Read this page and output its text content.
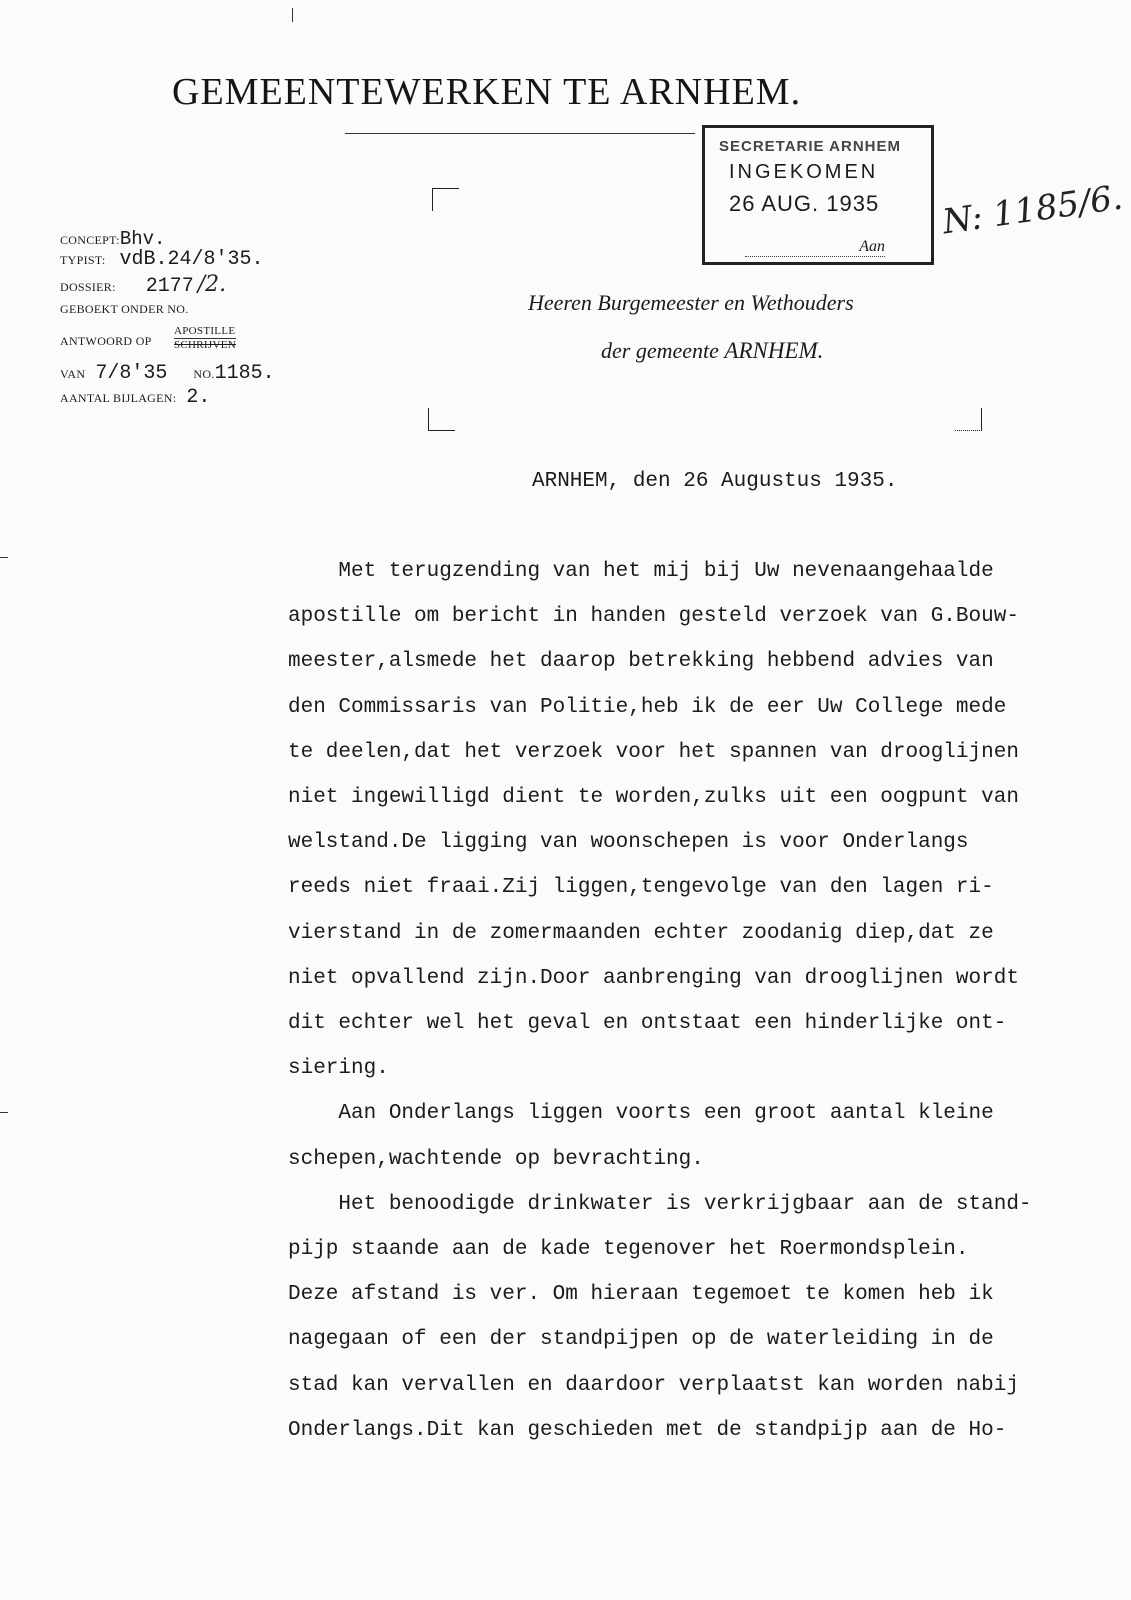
GEMEENTEWERKEN TE ARNHEM.
SECRETARIE ARNHEM
INGEKOMEN
26 AUG. 1935
Aan
N: 1185/6.
CONCEPT:Bhv.
TYPIST: vdB.24/8'35.
DOSSIER: 2177 /2.
GEBOEKT ONDER NO.
ANTWOORD OP
APOSTILLE
SCHRIJVEN
VAN 7/8'35 NO.1185.
AANTAL BIJLAGEN: 2.
Heeren Burgemeester en Wethouders
der gemeente ARNHEM.
ARNHEM, den 26 Augustus 1935.
Met terugzending van het mij bij Uw nevenaangehaalde
apostille om bericht in handen gesteld verzoek van G.Bouw-
meester,alsmede het daarop betrekking hebbend advies van
den Commissaris van Politie,heb ik de eer Uw College mede
te deelen,dat het verzoek voor het spannen van drooglijnen
niet ingewilligd dient te worden,zulks uit een oogpunt van
welstand.De ligging van woonschepen is voor Onderlangs
reeds niet fraai.Zij liggen,tengevolge van den lagen ri-
vierstand in de zomermaanden echter zoodanig diep,dat ze
niet opvallend zijn.Door aanbrenging van drooglijnen wordt
dit echter wel het geval en ontstaat een hinderlijke ont-
siering.
Aan Onderlangs liggen voorts een groot aantal kleine
schepen,wachtende op bevrachting.
Het benoodigde drinkwater is verkrijgbaar aan de stand-
pijp staande aan de kade tegenover het Roermondsplein.
Deze afstand is ver. Om hieraan tegemoet te komen heb ik
nagegaan of een der standpijpen op de waterleiding in de
stad kan vervallen en daardoor verplaatst kan worden nabij
Onderlangs.Dit kan geschieden met de standpijp aan de Ho-
